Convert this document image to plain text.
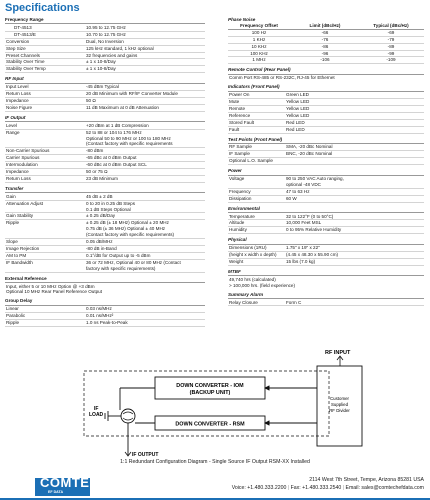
Specifications
Frequency Range
DT-4513	10.95 to 12.75 GHz
DT-4513/E	10.70 to 12.75 GHz
Conversion	Dual, No Inversion
Step Size	125 kHz standard, 1 kHz optional
Preset Channels	32 frequencies and gains
Stability Over Time	± 1 x 10-8/Day
Stability Over Temp	± 1 x 10-8/Day
RF Input
Input Level	-45 dBm Typical
Return Loss	20 dB Minimum with RF/IF Converter Module
Impedance	50 Ω
Noise Figure	11 dB Maximum at 0 dB Attenuation
IF Output
Level	+20 dBm at 1 dB Compression
Range	52 to 88 or 104 to 176 MHz
Optional 50 to 90 MHz or 100 to 180 MHz
(Contact factory with specific requirements
Non-Carrier Spurious	-80 dBm
Carrier Spurious	-65 dBc at 0 dBm Output
Intermodulation	-60 dBc at 0 dBm Output SCL
Impedance	50 or 75 Ω
Return Loss	23 dB Minimum
Transfer
Gain	45 dB ± 2 dB
Attenuation Adjust	0 to 20 in 0.25 dB Steps
0.1 dB Steps Optional
Gain Stability	± 0.25 dB/Day
Ripple	± 0.25 dB (± 18 MHz) Optional ± 20 MHz
0.75 dB (± 36 MHz) Optional ± 40 MHz
(Contact factory with specific requirements)
Slope	0.05 dB/MHz
Image Rejection	-80 dB in-Band
AM to PM	0.1°/dB for Output up to -5 dBm
IF Bandwidth	36 or 72 MHz, Optional 40 or 80 MHz (Contact
factory with specific requirements)
External Reference
Input, either 5 or 10 MHz Option @ +3 dBm
Optional 10 MHz Rear Panel Reference Output
Group Delay
Linear	0.03 ns/MHz
Parabolic	0.01 ns/MHz²
Ripple	1.0 ns Peak-to-Peak
Phase Noise
Frequency Offset	Limit (dBc/Hz)	Typical (dBc/Hz)
100 Hz	-66	-69
1 KHz	-76	-79
10 KHz	-86	-89
100 KHz	-96	-99
1 MHz	-106	-109
Remote Control (Rear Panel)
Comm Port RS-485 or RS-232C, RJ-45 for Ethernet
Indicators (Front Panel)
Power On	Green LED
Mute	Yellow LED
Remote	Yellow LED
Reference	Yellow LED
Stored Fault	Red LED
Fault	Red LED
Test Points (Front Panel)
RF Sample	SMA, -20 dBc Nominal
IF Sample	BNC, -20 dBc Nominal
Optional L.O. Sample
Power
Voltage	90 to 250 VAC Auto ranging,
optional -48 VDC
Frequency	47 to 63 Hz
Dissipation	60 W
Environmental
Temperature	32 to 122°F (0 to 50°C)
Altitude	10,000 Feet MSL
Humidity	0 to 95% Relative Humidity
Physical
Dimensions (1RU)	1.75" x 19" x 22"
(height x width x depth)	(4.45 x 48.30 x 55.90 cm)
Weight	15 lbs (7.0 kg)
MTBF
49,740 hrs (calculated)
> 100,000 hrs. (field experience)
Summary Alarm
Relay Closure	Form C
RF INPUT
Customer
Supplied
RF Divider
DOWN CONVERTER - IOM
(BACKUP UNIT)
DOWN CONVERTER - RSM
IF
LOAD
IF OUTPUT
1:1 Redundant Configuration Diagram - Single Source IF Output RSM-XX Installed
COMTECH
EF DATA
2114 West 7th Street, Tempe, Arizona 85281 USA
Voice: +1.480.333.2200 | Fax: +1.480.333.2540 | Email: sales@comtechefdata.com
